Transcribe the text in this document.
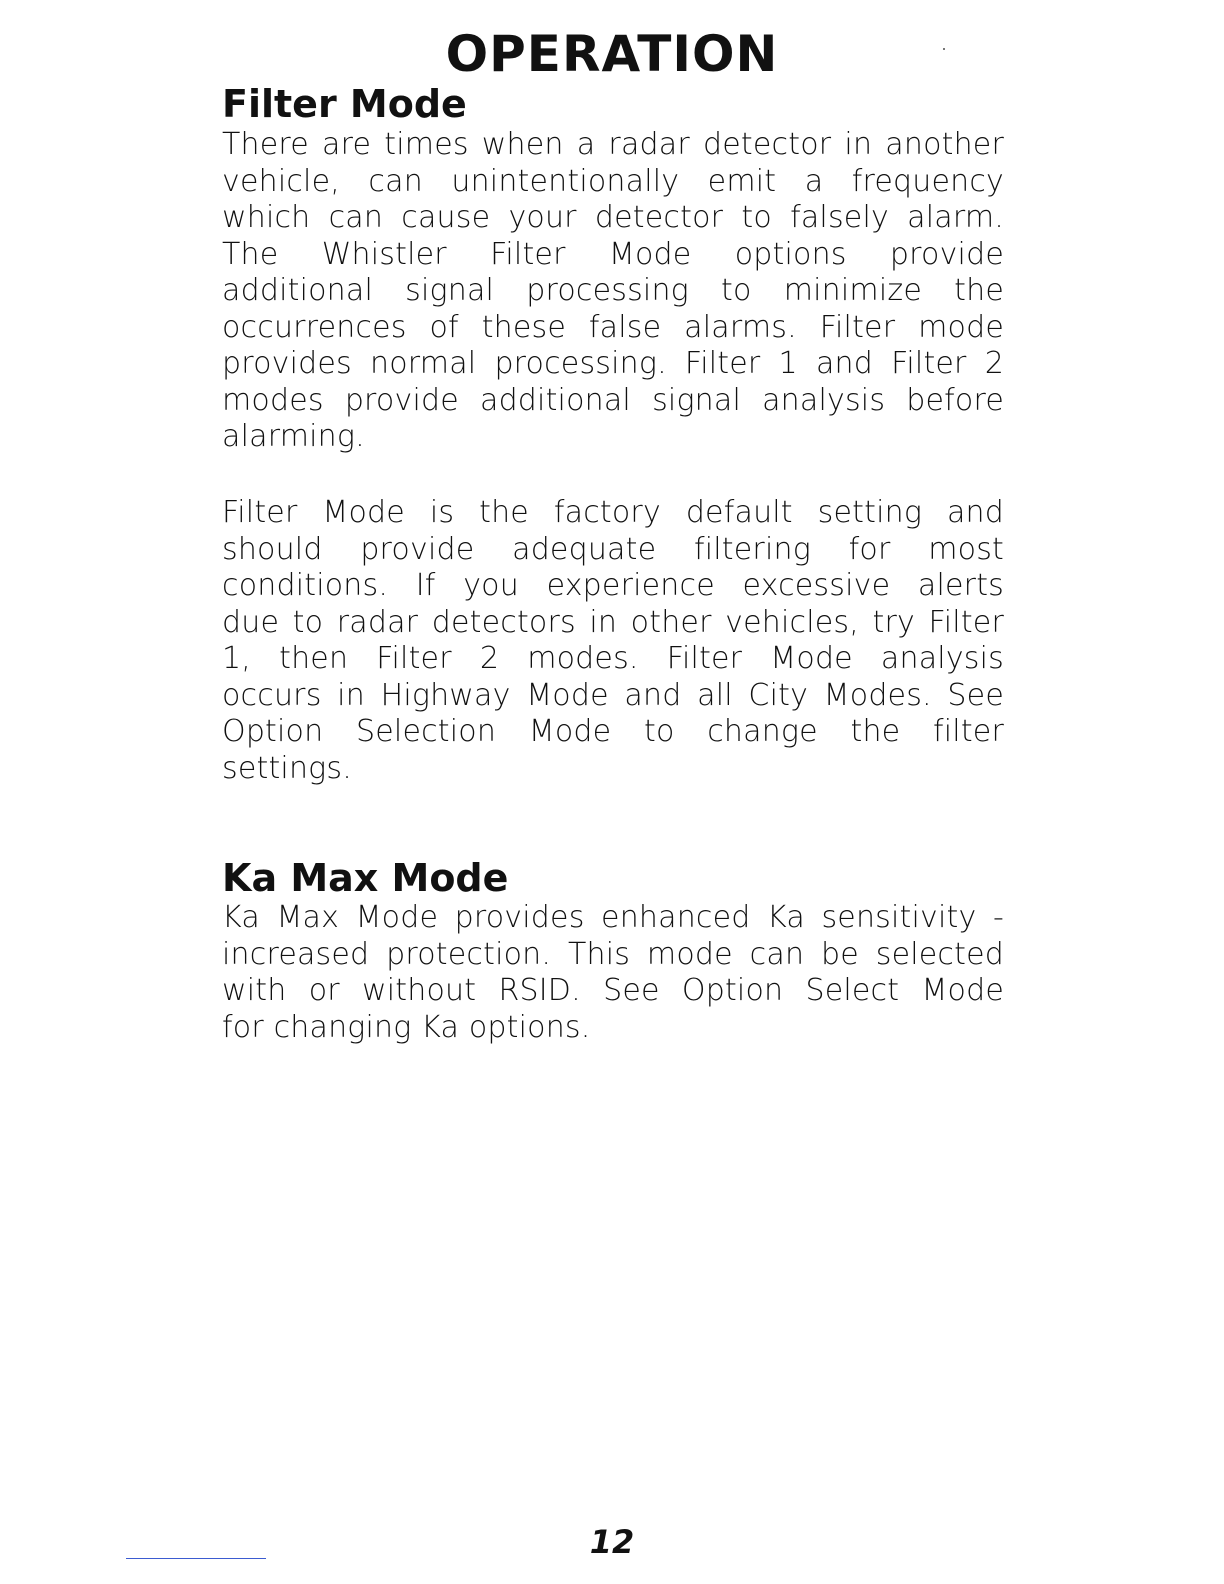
OPERATION
Filter Mode
There are times when a radar detector in another
vehicle, can unintentionally emit a frequency
which can cause your detector to falsely alarm.
The Whistler Filter Mode options provide
additional signal processing to minimize the
occurrences of these false alarms. Filter mode
provides normal processing. Filter 1 and Filter 2
modes provide additional signal analysis before
alarming.
Filter Mode is the factory default setting and
should provide adequate filtering for most
conditions. If you experience excessive alerts
due to radar detectors in other vehicles, try Filter
1, then Filter 2 modes. Filter Mode analysis
occurs in Highway Mode and all City Modes. See
Option Selection Mode to change the filter
settings.
Ka Max Mode
Ka Max Mode provides enhanced Ka sensitivity -
increased protection. This mode can be selected
with or without RSID. See Option Select Mode
for changing Ka options.
12
